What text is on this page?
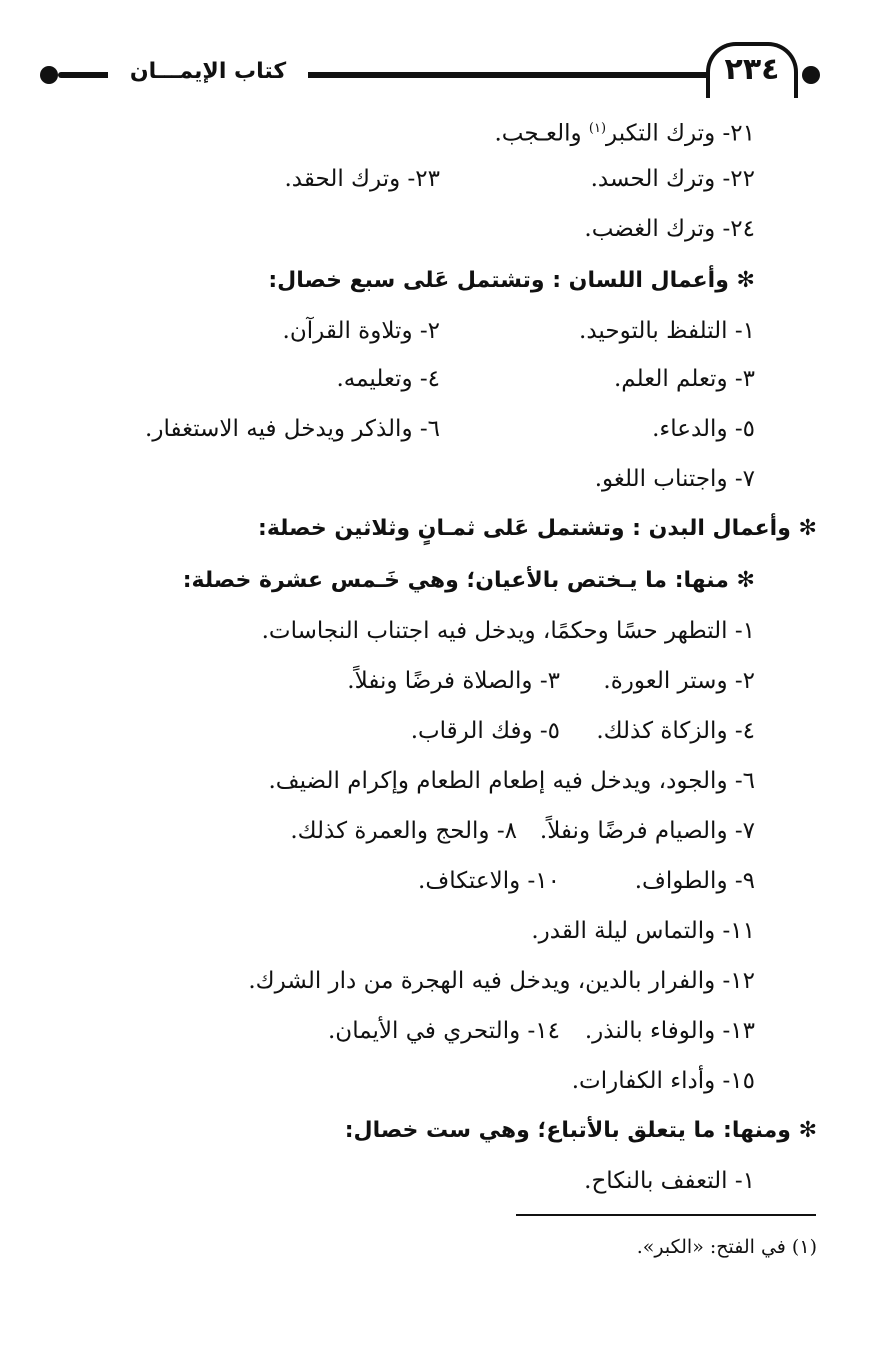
كتاب الإيمـــان	٢٣٤
٢١- وترك التكبر$^{(١)}$ والعـجب.
٢٢- وترك الحسد.
٢٣- وترك الحقد.
٢٤- وترك الغضب.
✻ وأعمال اللسان : وتشتمل عَلى سبع خصال:
١- التلفظ بالتوحيد.
٢- وتلاوة القرآن.
٣- وتعلم العلم.
٤- وتعليمه.
٥- والدعاء.
٦- والذكر ويدخل فيه الاستغفار.
٧- واجتناب اللغو.
✻ وأعمال البدن : وتشتمل عَلى ثمـانٍ وثلاثين خصلة:
✻ منها: ما يـختص بالأعيان؛ وهي خَـمس عشرة خصلة:
١- التطهر حسًا وحكمًا، ويدخل فيه اجتناب النجاسات.
٢- وستر العورة.
٣- والصلاة فرضًا ونفلاً.
٤- والزكاة كذلك.
٥- وفك الرقاب.
٦- والجود، ويدخل فيه إطعام الطعام وإكرام الضيف.
٧- والصيام فرضًا ونفلاً.
٨- والحج والعمرة كذلك.
٩- والطواف.
١٠- والاعتكاف.
١١- والتماس ليلة القدر.
١٢- والفرار بالدين، ويدخل فيه الهجرة من دار الشرك.
١٣- والوفاء بالنذر.
١٤- والتحري في الأيمان.
١٥- وأداء الكفارات.
✻ ومنها: ما يتعلق بالأتباع؛ وهي ست خصال:
١- التعفف بالنكاح.
(١) في الفتح: «الكبر».
